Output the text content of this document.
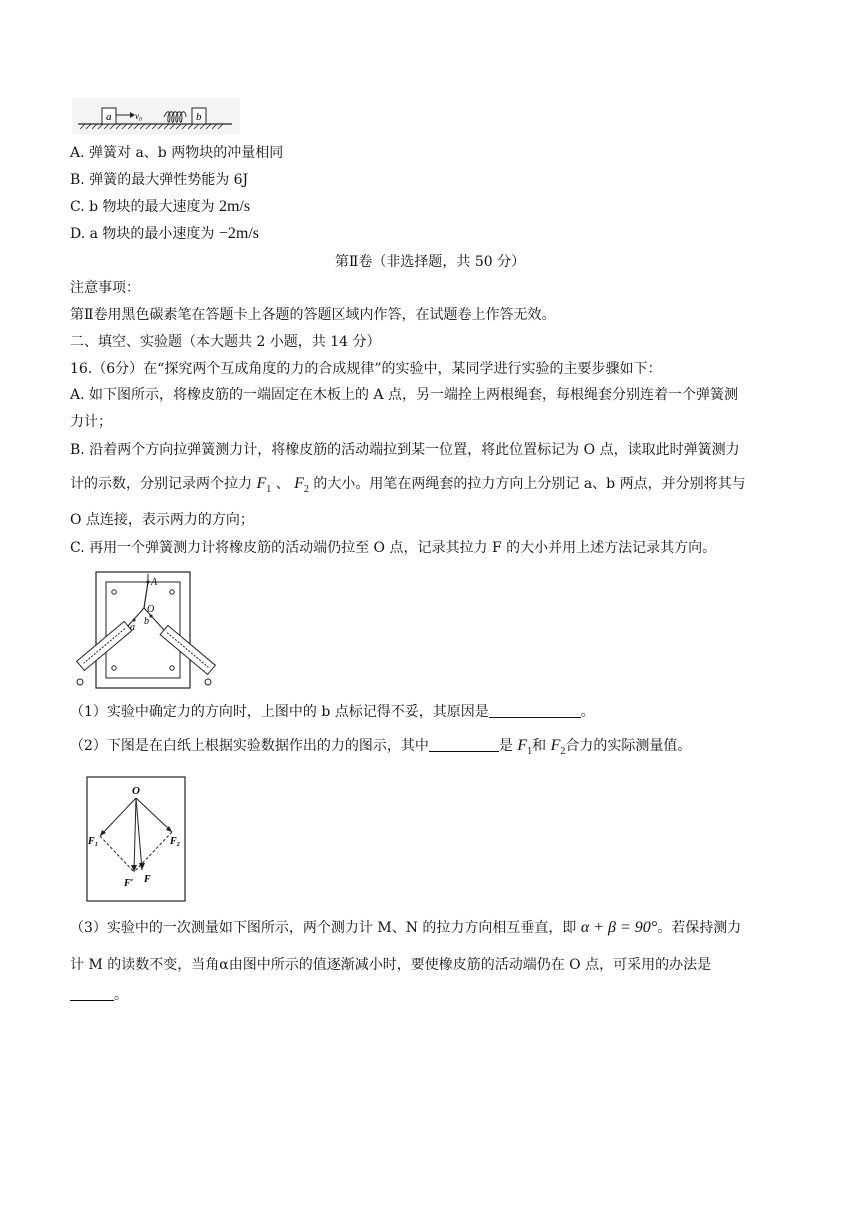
a	v₀	b
A. 弹簧对 a、b 两物块的冲量相同
B. 弹簧的最大弹性势能为 6J
C. b 物块的最大速度为 2m/s
D. a 物块的最小速度为 −2m/s
第Ⅱ卷（非选择题，共 50 分）
注意事项：
第Ⅱ卷用黑色碳素笔在答题卡上各题的答题区域内作答，在试题卷上作答无效。
二、填空、实验题（本大题共 2 小题，共 14 分）
16.（6分）在“探究两个互成角度的力的合成规律”的实验中，某同学进行实验的主要步骤如下：
A. 如下图所示，将橡皮筋的一端固定在木板上的 A 点，另一端拴上两根绳套，每根绳套分别连着一个弹簧测
力计；
B. 沿着两个方向拉弹簧测力计，将橡皮筋的活动端拉到某一位置，将此位置标记为 O 点，读取此时弹簧测力
计的示数，分别记录两个拉力 $F_1$ 、 $F_2$ 的大小。用笔在两绳套的拉力方向上分别记 a、b 两点，并分别将其与
O 点连接，表示两力的方向；
C. 再用一个弹簧测力计将橡皮筋的活动端仍拉至 O 点，记录其拉力 F 的大小并用上述方法记录其方向。
A
O
a
b
（1）实验中确定力的方向时，上图中的 b 点标记得不妥，其原因是	。
（2）下图是在白纸上根据实验数据作出的力的图示，其中	是 $F_1$和 $F_2$合力的实际测量值。
O
F₁	F₂
F′ F
（3）实验中的一次测量如下图所示，两个测力计 M、N 的拉力方向相互垂直，即 α + β = 90°。若保持测力
计 M 的读数不变，当角α由图中所示的值逐渐减小时，要使橡皮筋的活动端仍在 O 点，可采用的办法是
。
